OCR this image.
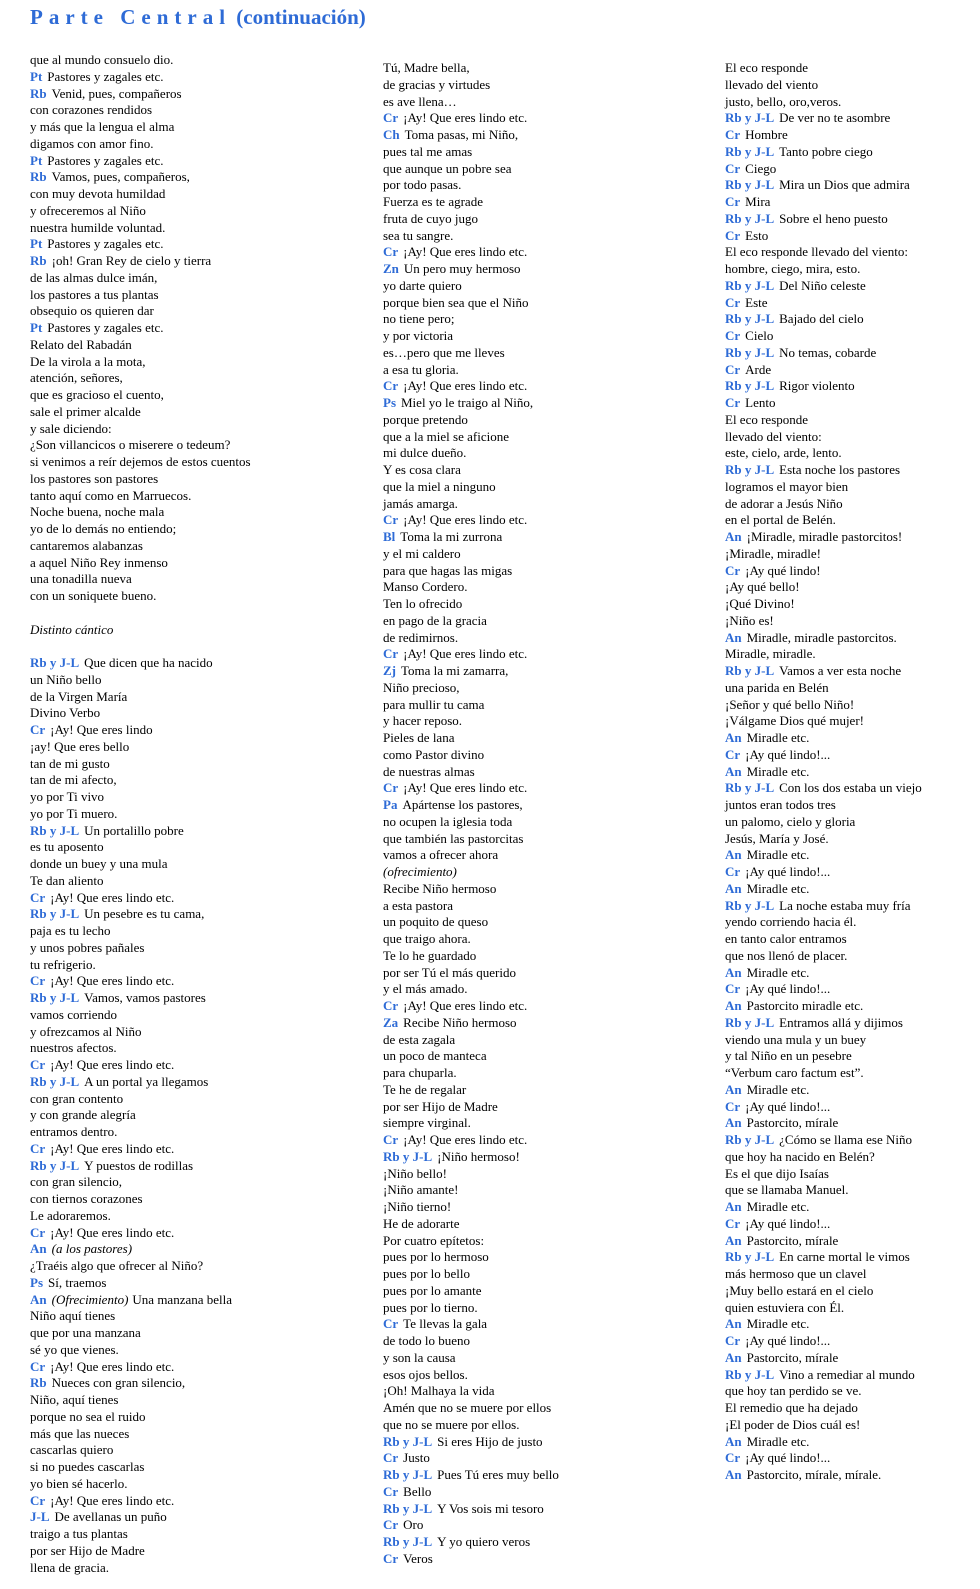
Parte Central (continuación)
que al mundo consuelo dio.
Pt Pastores y zagales etc.
Rb Venid, pues, compañeros
con corazones rendidos
y más que la lengua el alma
digamos con amor fino.
Pt Pastores y zagales etc.
Rb Vamos, pues, compañeros,
con muy devota humildad
y ofreceremos al Niño
nuestra humilde voluntad.
Pt Pastores y zagales etc.
Rb ¡oh! Gran Rey de cielo y tierra
de las almas dulce imán,
los pastores a tus plantas
obsequio os quieren dar
Pt Pastores y zagales etc.
Relato del Rabadán
De la virola a la mota,
atención, señores,
que es gracioso el cuento,
sale el primer alcalde
y sale diciendo:
¿Son villancicos o miserere o tedeum?
si venimos a reír dejemos de estos cuentos
los pastores son pastores
tanto aquí como en Marruecos.
Noche buena, noche mala
yo de lo demás no entiendo;
cantaremos alabanzas
a aquel Niño Rey inmenso
una tonadilla nueva
con un soniquete bueno.
Distinto cántico
Rb y J-L Que dicen que ha nacido
un Niño bello
de la Virgen María
Divino Verbo
Cr ¡Ay! Que eres lindo
¡ay! Que eres bello
tan de mi gusto
tan de mi afecto,
yo por Ti vivo
yo por Ti muero.
Rb y J-L Un portalillo pobre
es tu aposento
donde un buey y una mula
Te dan aliento
Cr ¡Ay! Que eres lindo etc.
Rb y J-L Un pesebre es tu cama,
paja es tu lecho
y unos pobres pañales
tu refrigerio.
Cr ¡Ay! Que eres lindo etc.
Rb y J-L Vamos, vamos pastores
vamos corriendo
y ofrezcamos al Niño
nuestros afectos.
Cr ¡Ay! Que eres lindo etc.
Rb y J-L A un portal ya llegamos
con gran contento
y con grande alegría
entramos dentro.
Cr ¡Ay! Que eres lindo etc.
Rb y J-L Y puestos de rodillas
con gran silencio,
con tiernos corazones
Le adoraremos.
Cr ¡Ay! Que eres lindo etc.
An (a los pastores)
¿Traéis algo que ofrecer al Niño?
Ps Sí, traemos
An (Ofrecimiento) Una manzana bella
Niño aquí tienes
que por una manzana
sé yo que vienes.
Cr ¡Ay! Que eres lindo etc.
Rb Nueces con gran silencio,
Niño, aquí tienes
porque no sea el ruido
más que las nueces
cascarlas quiero
si no puedes cascarlas
yo bien sé hacerlo.
Cr ¡Ay! Que eres lindo etc.
J-L De avellanas un puño
traigo a tus plantas
por ser Hijo de Madre
llena de gracia.
Tú, Madre bella,
de gracias y virtudes
es ave llena…
Cr ¡Ay! Que eres lindo etc.
Ch Toma pasas, mi Niño,
pues tal me amas
que aunque un pobre sea
por todo pasas.
Fuerza es te agrade
fruta de cuyo jugo
sea tu sangre.
Cr ¡Ay! Que eres lindo etc.
Zn Un pero muy hermoso
yo darte quiero
porque bien sea que el Niño
no tiene pero;
y por victoria
es…pero que me lleves
a esa tu gloria.
Cr ¡Ay! Que eres lindo etc.
Ps Miel yo le traigo al Niño,
porque pretendo
que a la miel se aficione
mi dulce dueño.
Y es cosa clara
que la miel a ninguno
jamás amarga.
Cr ¡Ay! Que eres lindo etc.
Bl Toma la mi zurrona
y el mi caldero
para que hagas las migas
Manso Cordero.
Ten lo ofrecido
en pago de la gracia
de redimirnos.
Cr ¡Ay! Que eres lindo etc.
Zj Toma la mi zamarra,
Niño precioso,
para mullir tu cama
y hacer reposo.
Pieles de lana
como Pastor divino
de nuestras almas
Cr ¡Ay! Que eres lindo etc.
Pa Apártense los pastores,
no ocupen la iglesia toda
que también las pastorcitas
vamos a ofrecer ahora
(ofrecimiento)
Recibe Niño hermoso
a esta pastora
un poquito de queso
que traigo ahora.
Te lo he guardado
por ser Tú el más querido
y el más amado.
Cr ¡Ay! Que eres lindo etc.
Za Recibe Niño hermoso
de esta zagala
un poco de manteca
para chuparla.
Te he de regalar
por ser Hijo de Madre
siempre virginal.
Cr ¡Ay! Que eres lindo etc.
Rb y J-L ¡Niño hermoso!
¡Niño bello!
¡Niño amante!
¡Niño tierno!
He de adorarte
Por cuatro epítetos:
pues por lo hermoso
pues por lo bello
pues por lo amante
pues por lo tierno.
Cr Te llevas la gala
de todo lo bueno
y son la causa
esos ojos bellos.
¡Oh! Malhaya la vida
Amén que no se muere por ellos
que no se muere por ellos.
Rb y J-L Si eres Hijo de justo
Cr Justo
Rb y J-L Pues Tú eres muy bello
Cr Bello
Rb y J-L Y Vos sois mi tesoro
Cr Oro
Rb y J-L Y yo quiero veros
Cr Veros
El eco responde
llevado del viento
justo, bello, oro,veros.
Rb y J-L De ver no te asombre
Cr Hombre
Rb y J-L Tanto pobre ciego
Cr Ciego
Rb y J-L Mira un Dios que admira
Cr Mira
Rb y J-L Sobre el heno puesto
Cr Esto
El eco responde llevado del viento:
hombre, ciego, mira, esto.
Rb y J-L Del Niño celeste
Cr Este
Rb y J-L Bajado del cielo
Cr Cielo
Rb y J-L No temas, cobarde
Cr Arde
Rb y J-L Rigor violento
Cr Lento
El eco responde
llevado del viento:
este, cielo, arde, lento.
Rb y J-L Esta noche los pastores
logramos el mayor bien
de adorar a Jesús Niño
en el portal de Belén.
An ¡Miradle, miradle pastorcitos!
¡Miradle, miradle!
Cr ¡Ay qué lindo!
¡Ay qué bello!
¡Qué Divino!
¡Niño es!
An Miradle, miradle pastorcitos.
Miradle, miradle.
Rb y J-L Vamos a ver esta noche
una parida en Belén
¡Señor y qué bello Niño!
¡Válgame Dios qué mujer!
An Miradle etc.
Cr ¡Ay qué lindo!...
An Miradle etc.
Rb y J-L Con los dos estaba un viejo
juntos eran todos tres
un palomo, cielo y gloria
Jesús, María y José.
An Miradle etc.
Cr ¡Ay qué lindo!...
An Miradle etc.
Rb y J-L La noche estaba muy fría
yendo corriendo hacia él.
en tanto calor entramos
que nos llenó de placer.
An Miradle etc.
Cr ¡Ay qué lindo!...
An Pastorcito miradle etc.
Rb y J-L Entramos allá y dijimos
viendo una mula y un buey
y tal Niño en un pesebre
“Verbum caro factum est”.
An Miradle etc.
Cr ¡Ay qué lindo!...
An Pastorcito, mírale
Rb y J-L ¿Cómo se llama ese Niño
que hoy ha nacido en Belén?
Es el que dijo Isaías
que se llamaba Manuel.
An Miradle etc.
Cr ¡Ay qué lindo!...
An Pastorcito, mírale
Rb y J-L En carne mortal le vimos
más hermoso que un clavel
¡Muy bello estará en el cielo
quien estuviera con Él.
An Miradle etc.
Cr ¡Ay qué lindo!...
An Pastorcito, mírale
Rb y J-L Vino a remediar al mundo
que hoy tan perdido se ve.
El remedio que ha dejado
¡El poder de Dios cuál es!
An Miradle etc.
Cr ¡Ay qué lindo!...
An Pastorcito, mírale, mírale.
